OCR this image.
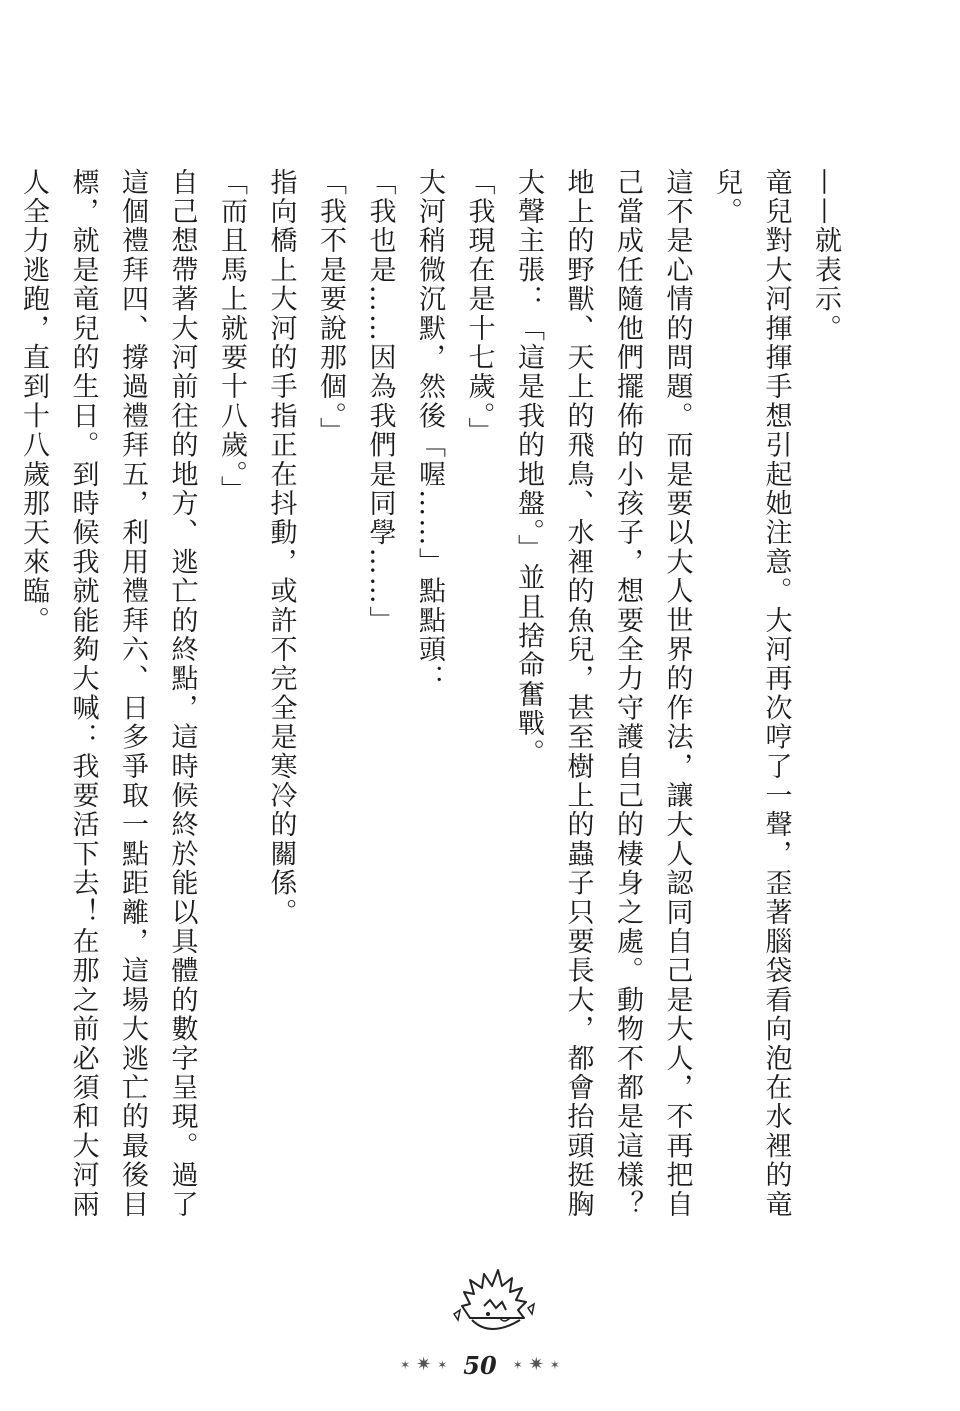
——就表示。

竜兒對大河揮揮手想引起她注意。大河再次哼了一聲，歪著腦袋看向泡在水裡的竜兒。

這不是心情的問題。而是要以大人世界的作法，讓大人認同自己是大人，不再把自己當成任隨他們擺佈的小孩子，想要全力守護自己的棲身之處。動物不都是這樣？地上的野獸、天上的飛鳥、水裡的魚兒，甚至樹上的蟲子只要長大，都會抬頭挺胸大聲主張：「這是我的地盤。」並且捨命奮戰。

「我現在是十七歲。」

大河稍微沉默，然後「喔……」點點頭：

「我也是……因為我們是同學……」

「我不是要說那個。」

指向橋上大河的手指正在抖動，或許不完全是寒冷的關係。

「而且馬上就要十八歲。」

自己想帶著大河前往的地方、逃亡的終點，這時候終於能以具體的數字呈現。過了這個禮拜四、撐過禮拜五，利用禮拜六、日多爭取一點距離，這場大逃亡的最後目標，就是竜兒的生日。到時候我就能夠大喊：我要活下去！在那之前必須和大河兩人全力逃跑，直到十八歲那天來臨。

✶ ✷ ✶ 50 ✶ ✷ ✶
